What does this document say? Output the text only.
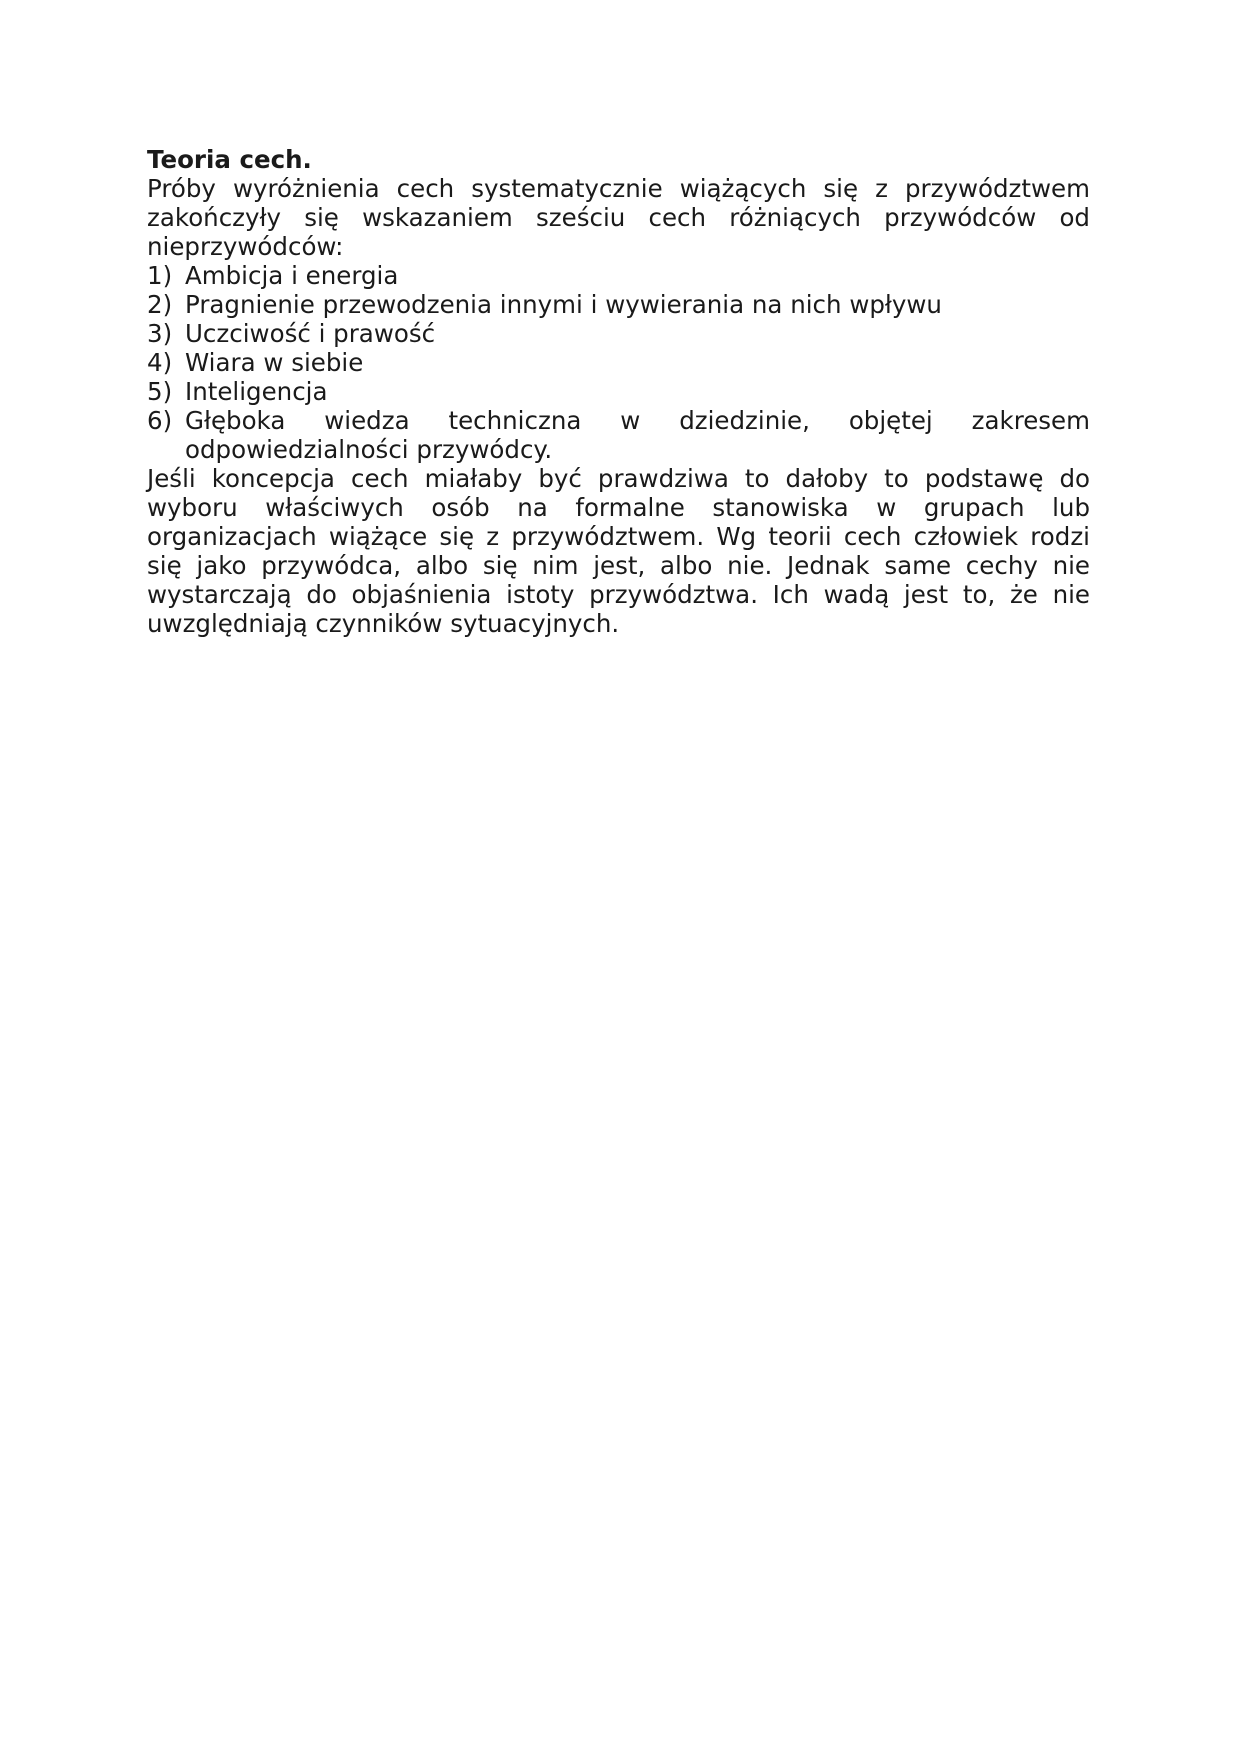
Teoria cech.

Próby wyróżnienia cech systematycznie wiążących się z przywództwem zakończyły się wskazaniem sześciu cech różniących przywódców od nieprzywódców:

1) Ambicja i energia
2) Pragnienie przewodzenia innymi i wywierania na nich wpływu
3) Uczciwość i prawość
4) Wiara w siebie
5) Inteligencja
6) Głęboka wiedza techniczna w dziedzinie, objętej zakresem odpowiedzialności przywódcy.

Jeśli koncepcja cech miałaby być prawdziwa to dałoby to podstawę do wyboru właściwych osób na formalne stanowiska w grupach lub organizacjach wiążące się z przywództwem. Wg teorii cech człowiek rodzi się jako przywódca, albo się nim jest, albo nie. Jednak same cechy nie wystarczają do objaśnienia istoty przywództwa. Ich wadą jest to, że nie uwzględniają czynników sytuacyjnych.
